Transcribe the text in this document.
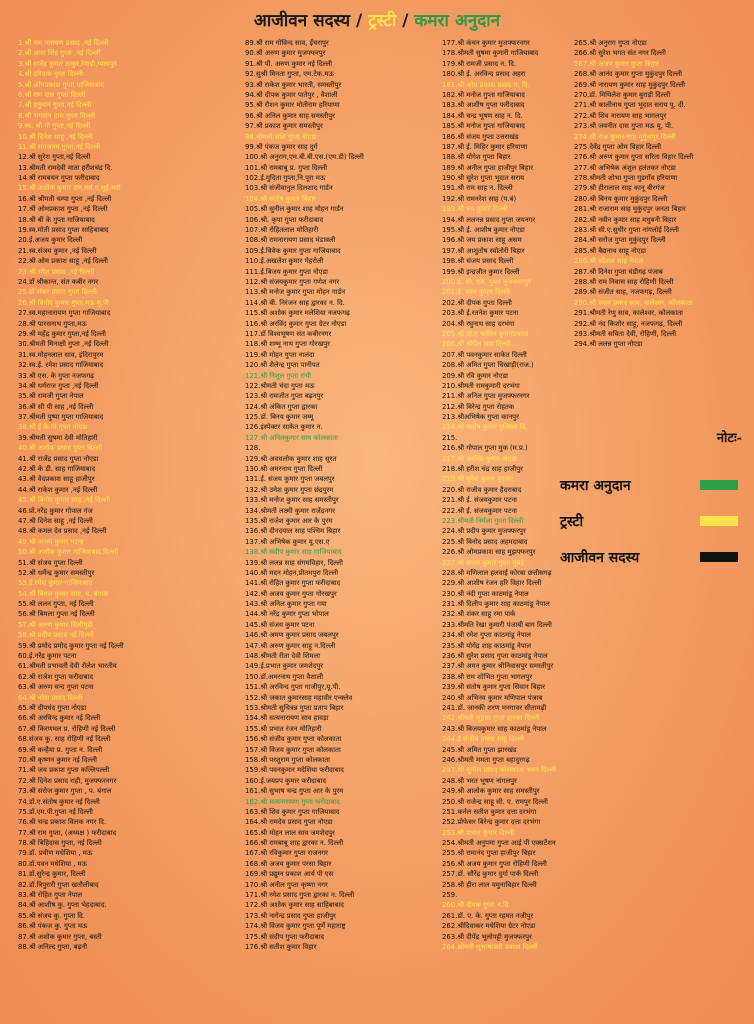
आजीवन सदस्य / ट्रस्टी / कमरा अनुदान
1.श्री राम नारायण प्रसाद ,नई दिल्ली
2.श्री अमर सिंह गुप्ता ,नई दिल्ली
3.श्री राजेंद्र कुमार ठाकुर,रेवाड़ी,ग्यासपुर
4.श्री हरिदास गुप्ता दिल्ली
5.श्री ओमप्रकाश गुप्ता गाजियाबाद
6.श्री राम दास गुप्ता दिल्ली
7.श्री हनुमान गुप्ता,नई दिल्ली
8.श्री भगवान दास गुप्ता दिल्ली
9.स्व. श्री पी गुप्ता,नई दिल्ली
10.श्री दिनेश साहू ,नई दिल्ली
11.श्री रामजनम गुप्ता,नई दिल्ली
12.श्री सुरेश गुप्ता,नई दिल्ली
13.श्रीमती रामदेवी माता हरीशचंद्र दि.
14.श्री रामबचन गुप्ता फरीदाबाद
15.श्री अशोक कुमार राम,सर्व.ए.सूई.मदी
16.श्री श्रीमती चम्पा गुप्ता ,नई दिल्ली
17.श्री ओमप्रकाश गुप्ता ,नई दिल्ली
18.श्री बी के गुप्ता गाजियाबाद
19.स्व.मोती प्रसाद गुप्ता साहिबाबाद
20.ई.अजय कुमार दिल्ली
21.स्व.संजय कुमार ,नई दिल्ली
22.श्री ओम प्रकाश साहू ,नई दिल्ली
23.श्री रमेश प्रसाद ,नई दिल्ली
24.डॉ श्रीकान्त, संत कबीर नगर
25.डॉ शंकर प्रसाद गुप्ता दिल्ली
26.श्री बिनोद कुमार गुप्ता,मऊ यू.पी
27.स्व.महानारायण गुप्ता गाजियाबाद
28.श्री पारसनाथ गुप्ता,मऊ
29.श्री महेंद्र कुमार गुप्ता,नई दिल्ली
30.श्रीमती मिनाक्षी गुप्ता ,नई दिल्ली
31.स्व.मोहनलाल साव, इंदिरापुरम
32.स्व.ई. रमेश प्रसाद गाजियाबाद
33.श्री एस. के गुप्ता नजफगढ़
34.श्री धर्मराज गुप्ता ,नई दिल्ली
35.श्री रामजी गुप्ता नेपाल
36.श्री सी पी साह ,नई दिल्ली
37.श्रीमती पुष्पा गुप्ता गाजियाबाद
38.श्री ई.के.पी.गुप्ता नोएडा
39.श्रीमती सुषमा देवी मोतिहारी
40.श्री अशोक प्रसाद गुप्ता दिल्ली
41.श्री राजेंद्र प्रसाद गुप्ता नोएडा
42.श्री के डी. साह गाजियाबाद
43.श्री वेदप्रकाश साहू हाजीपुर
44.श्री राकेश कुमार ,नई दिल्ली
45.श्री बिनोद कुमार साह ,नई दिल्ली
46.प्रो.नरेंद्र कुमार गोपाल गंज
47.श्री दिनेश साहू ,नई दिल्ली
48.श्री कमल देव प्रसाद ,नई दिल्ली
49.श्री अजय कुमार पटना
50.श्री अशोक कुमार गाजियाबाद,दिल्ली
51.श्री संजय गुप्ता दिल्ली
52.श्री धर्मेन्द्र कुमार समस्तीपुर
53.ई.रमेश कुमार गाजियाबाद
54.श्री बिमल कुमार साव, प. बंगाल
55.श्री ललन गुप्ता, नई दिल्ली
56.श्री बिमला गुप्ता नई दिल्ली
57.श्री अरुण कुमार सिलीगुड़ी
58.श्री प्रदीप प्रसाद नई दिल्ली
59.श्री प्रमोद प्रमोद कुमार गुप्ता नई दिल्ली
60.ई.नरेंद्र कुमार पटना
61.श्रीमती प्रभावती देवी शैलेश भारतीय
62.श्री राजेश गुप्ता फरीदाबाद
63.श्री अरुण चन्द गुप्ता पटना
64.श्री नरेश प्रसाद दिल्ली
65.श्री दीपचंद गुप्ता नोएडा
66.श्री अरविन्द कुमार नई दिल्ली
67.श्री किरणमल प्र. रोहिणी नई दिल्ली
68.संजय कु. साह रोहिणी नई दिल्ली
69.श्री कन्हैया प्र. गुप्ता न. दिल्ली
70.श्री कृष्णन कुमार नई दिल्ली
71.श्री जय प्रकाश गुप्ता कल्लिपल्ली
72.श्री दिनेश प्रसाद राही, मुजफ्फरनगर
73.श्री सरोज कुमार गुप्ता , प. बंगाल
74.डॉ.ए.संतोष कुमार नई दिल्ली
75.डॉ.एम.पी.गुप्ता नई दिल्ली
76.श्री चन्द्र प्रकाश विलक नगर दि.
77.श्री राम गुप्ता, (अध्यक्ष ) फरीदाबाद
78.श्री बिहिदास गुप्ता, नई दिल्ली
79.डॉ. प्रवीण मधेशिया , मऊ
80.डॉ.पवन मधेशिया , मऊ
81.डॉ.सुरेन्द्र कुमार, दिल्ली
82.डॉ.त्रिपुरारी गुप्ता खतौलीबाद
83.श्री रोहित गुप्ता नेपाल
84.श्री आशीष कु. गुप्ता भेहदाबाद.
85.श्री संजय कु. गुप्ता दि.
86.श्री पंकज कु. गुप्ता मऊ
87.श्री अशोक कुमार गुप्ता, बस्ती
88.श्री अनिल्द गुप्ता, बढ़नी
89.श्री राम गोविन्द साव, ईंचरापुर
90.श्री अरुण कुमार मुजफ्फरपुर
91.श्री पी. अरुण कुमार नई दिल्ली
92.सुश्री मिनता गुप्ता, एम.टेक.मऊ
93.श्री राकेश कुमार भारती, समस्तीपुर
94.श्री दीपक कुमार पातेपुर , वैशाली
95.श्री रौशन कुमार मोतीराम हरियाणा
96.श्री अनिल कुमार साह समस्तीपुर
97.श्री प्रकाश कुमार समस्तीपुर
98.श्रीमती शशि गुप्ता नोएडा
99.श्री पंकज कुमार साह दुर्ग
100.श्री अनुराग,एम.बी.बी.एस.(एम.डी) दिल्ली
101.श्री रामबाबू प्र. गुप्ता दिल्ली
102.ई.मुदिता गुप्ता,नि.पूरा मऊ
103.श्री संजीवानुल दिलशाद गार्डन
104.श्री संतोष कुमार बिहार
105.श्री सुनील कुमार शाह मोहन गार्डन
106.श्री. कृपा गुप्ता फरीदाबाद
107.श्री रोहितलाल मोतिहारी
108.श्री रामनारायण प्रसाद मंडावली
109.ई.विवेक कुमार गुप्ता गाजियाबाद
110.ई.अखलेश कुमार मेहरोली
111.ई.बिजय कुमार गुप्ता नोएडा
112.श्री संजयकुमार गुप्ता गणेश नगर
113.श्री मनोज कुमार गुप्ता मोहन गार्डन
114.श्री बी. निरंजन साह द्वारका न. दि.
115.श्री अशोक कुमार मलेशिया नजफगढ़
116.श्री अरविंद कुमार गुप्ता ग्रेटर नोएडा
117.डॉ विश्वभूषण संत कबीरनगर
118.श्री शम्भू नाथ गुप्ता गोरखपुर
119.श्री मोहन गुप्ता नालंदा
120.श्री शैलेन्द्र गुप्ता पानीपत
121.श्री निशुल गुप्ता रांची
122.श्रीमती चंदा गुप्ता मऊ
123.श्री रामजीत गुप्ता बढ़नपुर
124.श्री अंकित गुप्ता द्वारका
125.डॉ. बिनय कुमार जम्मू
126.इंस्पेक्टर साकेत कुमार न.
127.श्री अनिलकुमार साव कोलकाता
128.
129.श्री अवधलोक कुमार शाह सूरत
130.श्री अमरनाथ गुप्ता दिल्ली
131.ई. संजय कुमार गुप्ता जबलपुर
132.श्री उमेश कुमार गुप्ता छंद्रपुरम
133.श्री मनोज कुमार साह समस्तीपुर
134.श्रीमती लक्ष्मी कुमार राजेंद्रनगर
135.श्री राजेश कुमार आर के पुरम
136.श्री दीनदयाल साह पश्चिम बिहार
137.श्री अभिषेक कुमार यू.एस.ए
138.श्री संदीप कुमार साह गाजियाबाद
139.श्री ललन्न साह संगमविहार, दिल्ली
140.श्री मदन मोहन,प्रीतमपुरा दिल्ली
141.श्री रोहित कुमार गुप्ता फरीदाबाद
142.श्री अजय कुमार गुप्ता गोरखपुर
143.श्री अनिल कुमार गुप्ता गया
144.श्री नरेंद्र कुमार गुप्ता भोपाल
145.श्री संजय कुमार पटना
146.श्री अमण कुमार प्रसाद जबलपुर
147.श्री अरुण कुमार साहू न.दिल्ली
148.श्रीमती रीता देवी शिमला
149.ई.प्रभात कुमार जमशेदपुर
150.डॉ.अमरनाथ गुप्ता वैशाली
151.श्री अरविन्द गुप्ता गाजीपुर,यू.पी.
152.श्री जकात कुमारसाह महावीर एन्क्लेव
153.श्रीमती सुचित्रन्न गुप्ता प्रताप बिहार
154.श्री सत्यनारायण साव हावड़ा
155.श्री प्रभात रंजन मोतिहारी
156.श्री संजीव कुमार गुप्ता कोलकाता
157.श्री विजय कुमार गुप्ता कोलकाता
158.श्री परशुराम गुप्ता कोलकाता
159.श्री पवनकुमार मदेशिया फरीदाबाद
160.ई.जयप्रप कुमार फरीदाबाद
161.श्री सुभाष चन्द्र गुप्ता आर के पुरम
162.श्री सत्यनारायण गुप्ता फरीदाबाद
163.श्री शिव कुमार गुप्ता गाजियाबाद
164.श्री रामदेव प्रसाद गुप्ता नोएडा
165.श्री मोहन लाल साव जमशेदपुर
166.श्री रामबाबू शाह द्वारका न. दिल्ली
167.श्री रविकुमार गुप्ता राजनगर
168.श्री अजय कुमार परसा बिहार
169.श्री प्रद्युम्न प्रकाश आर्य पी एस
170.श्री अनील गुप्ता कृष्णा नगर
171.श्री रमेश प्रसाद गुप्ता द्वारका न. दिल्ली
172.श्री अशोक कुमार साह साहिबाबाद
173.श्री नागेन्द्र प्रसाद गुप्ता हाजीपुर
174.श्री विजय कुमार गुप्ता पूर्णे महाराष्ट्र
175.श्री संदीप गुप्ता फरीदाबाद
176.श्री सतीश कुमार विहार
177.श्री कंचन कुमार मुजफ्फरनगर
178.श्रीमती सुषमा कुमारी गाजियाबाद
179.श्री रामजी प्रसाद न. दि.
180.श्री ई. अरविन्द प्रसाद अहरा
181.श्री ओम प्रकाश प्रसाद न. दि.
182.श्री मनोज गुप्ता गाजियाबाद
183.श्री आशीष गुप्ता फरीदाबाद
184.श्री चन्द्र भूषण साह न. दि.
185.श्री मनोज गुप्ता गाजियाबाद
186.श्री संजय गुप्ता उत्तराखंड
187.श्री ई. मिहिर कुमार हरियाणा
188.श्री योगेश गुप्ता बिहार
189.श्री अनील गुप्ता हाजीपुर बिहार
190.श्री सुरेश गुप्ता भूदात सराय
191.श्री राम साह न. दिल्ली
192.श्री रामनरेश साह (प.बं)
193.श्री रुप कुमार दिल्ली
194.श्री ललनन्न प्रसाद गुप्ता जयनगर
195.श्री ई. आशीष कुमार नोएडा
196.श्री जय प्रकाश साहू असम
197.श्री आशुतोष स्वोतोरी बिहार
198.श्री संजय प्रसाद दिल्ली
199.श्री इन्द्रजीत कुमार दिल्ली
200.ई. श्री. एल. गुप्ता मुजफ्फरपुर
201.ई. पवन कुमार दिल्ली
202.श्री दीपक गुप्ता दिल्ली
203.श्री ई.रतनेश कुमार पटना
204.श्री रघुनाथ साह दरभंगा
205.श्री प्रो.ए कांतिन कुमारप्रकाश
206.श्री श्रीपेल साह दिल्ली
207.श्री पवनकुमार साकेत दिल्ली
208.श्री अमित गुप्ता चिखाड़ी(राज.)
209.श्री रवि कुमार नोएडा
210.श्रीमती रामकुमारी दरभंगा
211.श्री अनिल गुप्ता मुजफ्फरनगर
212.श्री बिरेन्द्र गुप्ता रोहतक
213.श्रीअभिषेक गुप्ता कानपुर
214.श्री संतोष कुमार गुलिस्ता दि.
215.
216.श्री गोपाल गुप्ता मुक (म.प्र.)
217.श्री अरविंद कुमार नोएडा
218.श्री हरीश चंद्र साह हाजीपुर
219.श्री सुरेश कुमार यूएसए
220.श्री राजीव कुमार हैदराबाद
221.श्री ई. संजयकुमार पटना
222.श्री ई. संजयकुमार पटना
223.श्रीमती निर्मला गुप्ता दिल्ली
224.श्री प्रदीप कुमार मुजफ्फरपुर
225.श्री बिनोद प्रसाद अहमदाबाद
226.श्री ओमप्रकाश साह मुझफ्फरपुर
227.श्री संजय कुमार गुप्ता मुंबई
228.श्री मणिलाल हलवाई कोरबा छत्तीसगढ़
229.श्री आशीष रंजन हरि विहार दिल्ली
230.श्री नंदी गुप्ता काठमांडू नेपाल
231.श्री दिलीप कुमार शाह काठमांडू नेपाल
232.श्री शंकर साहू रमा पार्क
233.श्रीमति रेखा कुमारी पंजाबी बाग दिल्ली
234.श्री रमेश गुप्ता काठमांडू नेपाल
235.श्री योगेंद्र शाह काठमांडू नेपाल
236.श्री सुरेश प्रसाद गुप्ता काठमांडू नेपाल
237.श्री अमन कुमार श्रीनिवासपुर समस्तीपुर
238.श्री राम शोभित गुप्ता भागलपुर
239.श्री संतोष कुमार गुप्ता सिवान बिहार
240.श्री अभिनव कुमार मणिपाल पंजाब
241.डॉ. जानकी शरण मनगावर सीतामढ़ी
242.श्रीमती सुहास गुप्ता द्वारका दिल्ली
243.श्री बिजयकुमार साह काठमांडू नेपाल
244.ई.संजीव प्रसाद साहू दिल्ली
245.श्री अमित गुप्ता झारखंड
246.श्रीमती ममता गुप्ता बहादुरगढ़
247.श्री सुनील प्रसाद कोलकाता भवन दिल्ली
248.श्री भरत भूषण नांगलपुर
249.श्री आलोक कुमार साह समस्तीपुर
250.श्री राजेन्द्र साहू सी. ए. रामपुर दिल्ली
251.कर्नल सतीश कुमार दत्ता दरभंगा
252.प्रोफेसर बिरेन्द्र कुमार दत्ता दरभंगा
253.श्री प्रभात कुमार दिल्ली
254.श्रीमती अनुपमा गुप्ता आई पी एक्सटेंशन
255.श्री रामानंद गुप्ता हाजीपुर बिहार
256.श्री अजय कुमार गुप्ता रोहिणी दिल्ली
257.डॉ. सौरेंद्र कुमार दुर्गा पार्क दिल्ली
258.श्री हीरा लाल यमुनाबिहार दिल्ली
259.
260.श्री दीपक गुप्ता न.दि.
261.डॉ. ए. के. गुप्ता रहमत नजीपुर
262.श्रीदिवाकर मधेशिया ग्रेटर नोएडा
263.श्री दीपेंद्र भूलोपट्टी मुजफ्फरपुर
264.श्रीमती सुभाषावती प्रकाश दिल्ली
265.श्री अनुराग गुप्ता नोएडा
266.श्री सुरेश भगत संत नगर दिल्ली
267.श्री अजय कुमार गुप्ता बिहार
268.श्री आनंद कुमार गुप्ता मुकुंदपुर दिल्ली
269.श्री नारायण कुमार साह मुकुंदपुर दिल्ली
270.डॉ. मिथिलेश कुमार बुराड़ी दिल्ली
271.श्री कालीनाथ गुप्ता भूदात सराय पू. दी.
272.श्री शिव नारायण साह भागलपुर
273.श्री जवनीत दास गुप्ता मऊ यू. पी.
274.श्री राज कुमार साह मुकुंदपुर दिल्ली
275.देवेंद्र गुप्ता ओम विहार दिल्ली
276.श्री अरुण कुमार गुप्ता सरिता विहार दिल्ली
277.श्री अभिषेक अंशुल हलंतकर नोएडा
278.श्रीमती शोभा गुप्ता गुडगाँव हरियाणा
279.श्री हीरालाल साह कानू बीरगंज
280.श्री बिनय कुमार मुकुंदपुर दिल्ली
281.श्री राजाराम साह मुकुंदपुर जनता बिहार
282.श्री नवीन कुमार साह मधुबनी बिहार
283.श्री सी.ए.सुधीर गुप्ता नांगलोई दिल्ली
284.श्री सरोज गुप्ता मुकुंदपुर दिल्ली
285.श्री बैद्यनाथ साहू नोएडा
286.श्री कौशल साह नेपाल
287.श्री दिनेश गुप्ता चंडीगढ़ पंजाब
288.श्री राम निवास साह रोहिणी दिल्ली
289.श्री संजीत साह, नजफगढ़, दिल्ली
290.श्री श्याम प्रसाद साव, बालेश्वर, कोलकाता
291.श्रीमती रेणु साव, कालेश्वर, कोलकाता
292.श्री नंद किशोर साहू, नजफगढ़, दिल्ली
293.श्रीमती सविता देवी, रोहिणी, दिल्ली
294.श्री ललन्न गुप्ता नोएडा
नोटः-
कमरा अनुदान
ट्रस्टी
आजीवन सदस्य
